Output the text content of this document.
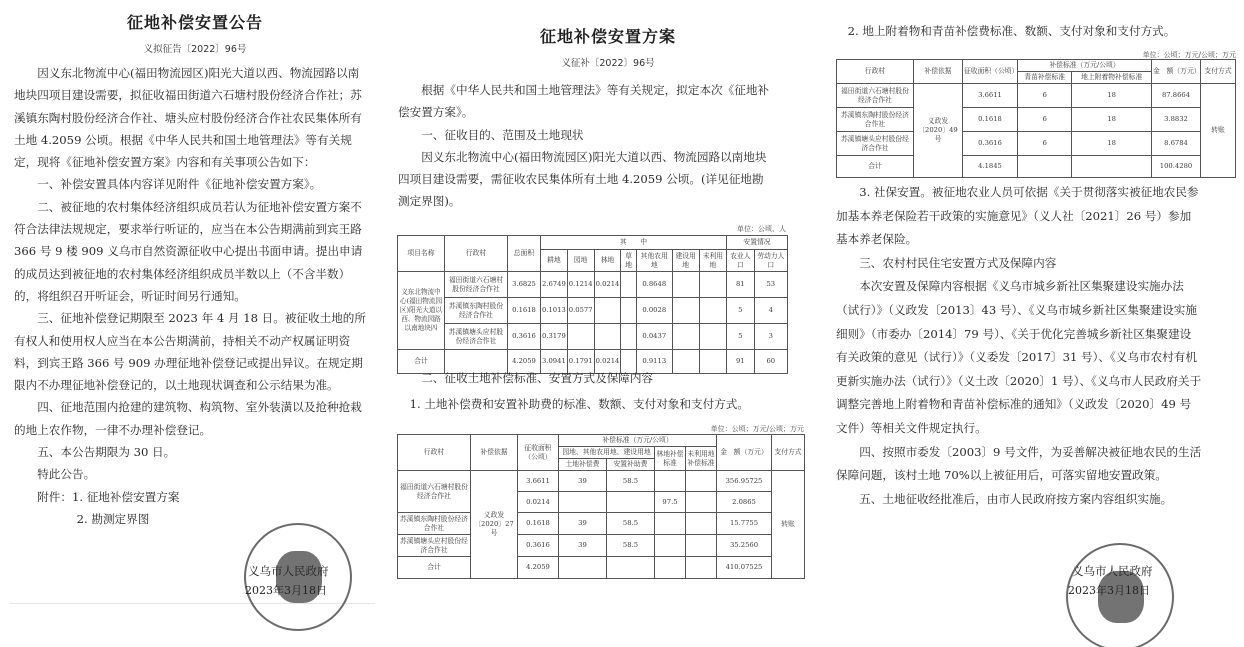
征地补偿安置公告
义拟征告〔2022〕96号

因义东北物流中心(福田物流园区)阳光大道以西、物流园路以南地块四项目建设需要，拟征收福田街道六石塘村股份经济合作社；苏溪镇东陶村股份经济合作社、塘头应村股份经济合作社农民集体所有土地 4.2059 公顷。根据《中华人民共和国土地管理法》等有关规定，现将《征地补偿安置方案》内容和有关事项公告如下：

一、补偿安置具体内容详见附件《征地补偿安置方案》。

二、被征地的农村集体经济组织成员若认为征地补偿安置方案不符合法律法规规定，要求举行听证的，应当在本公告期满前到宾王路 366 号 9 楼 909 义乌市自然资源征收中心提出书面申请。提出申请的成员达到被征地的农村集体经济组织成员半数以上（不含半数）的，将组织召开听证会，听证时间另行通知。

三、征地补偿登记期限至 2023 年 4 月 18 日。被征收土地的所有权人和使用权人应当在本公告期满前，持相关不动产权属证明资料，到宾王路 366 号 909 办理征地补偿登记或提出异议。在规定期限内不办理征地补偿登记的，以土地现状调查和公示结果为准。

四、征地范围内抢建的建筑物、构筑物、室外装潢以及抢种抢栽的地上农作物，一律不办理补偿登记。

五、本公告期限为 30 日。

特此公告。

附件：1. 征地补偿安置方案

2. 勘测定界图

义乌市人民政府
2023年3月18日
征地补偿安置方案
义征补〔2022〕96号

根据《中华人民共和国土地管理法》等有关规定，拟定本次《征地补偿安置方案》。

一、征收目的、范围及土地现状

因义东北物流中心(福田物流园区)阳光大道以西、物流园路以南地块四项目建设需要，需征收农民集体所有土地 4.2059 公顷。(详见征地勘测定界图)。

单位：公顷、人
项目名称	行政村	总面积	其　　中							安置情况	
			耕地	园地	林地	草地	其他农用地	建设用地	未利用地	农业人口	劳动力人口
义东北物流中心(福田物流园区)阳光大道以西、物流园路以南地块四	福田街道六石塘村股份经济合作社	3.6825	2.6749	0.1214	0.0214		0.8648			81	53
	苏溪镇东陶村股份经济合作社	0.1618	0.1013	0.0577			0.0028			5	4
	苏溪镇塘头应村股份经济合作社	0.3616	0.3179				0.0437			5	3
合计		4.2059	3.0941	0.1791	0.0214		0.9113			91	60

二、征收土地补偿标准、安置方式及保障内容

1. 土地补偿费和安置补助费的标准、数额、支付对象和支付方式。

单位：公顷；万元/公顷；万元
行政村	补偿依据	征收面积（公顷）	补偿标准（万元/公顷）				金　额（万元）	支付方式
			园地、其他农用地、建设用地		林地补偿标准	未利用地补偿标准		
			土地补偿费	安置补助费				
福田街道六石塘村股份经济合作社	义政发〔2020〕27号	3.6611	39	58.5			356.95725	转账
		0.0214			97.5		2.0865	
苏溪镇东陶村股份经济合作社		0.1618	39	58.5			15.7755	
苏溪镇塘头应村股份经济合作社		0.3616	39	58.5			35.2560	
合计		4.2059					410.07525	

2. 地上附着物和青苗补偿费标准、数额、支付对象和支付方式。

单位：公顷；万元/公顷；万元
行政村	补偿依据	征收面积（公顷）	补偿标准（万元/公顷）		金　额（万元）	支付方式
			青苗补偿标准	地上附着物补偿标准		
福田街道六石塘村股份经济合作社	义政发〔2020〕49号	3.6611	6	18	87.8664	转账
苏溪镇东陶村股份经济合作社		0.1618	6	18	3.8832	
苏溪镇塘头应村股份经济合作社		0.3616	6	18	8.6784	
合计		4.1845			100.4280	

3. 社保安置。被征地农业人员可依据《关于贯彻落实被征地农民参加基本养老保险若干政策的实施意见》（义人社〔2021〕26 号）参加基本养老保险。

三、农村村民住宅安置方式及保障内容

本次安置及保障内容根据《义乌市城乡新社区集聚建设实施办法（试行）》（义政发〔2013〕43 号）、《义乌市城乡新社区集聚建设实施细则》（市委办〔2014〕79 号）、《关于优化完善城乡新社区集聚建设有关政策的意见（试行）》（义委发〔2017〕31 号）、《义乌市农村有机更新实施办法（试行）》（义土改〔2020〕1 号）、《义乌市人民政府关于调整完善地上附着物和青苗补偿标准的通知》（义政发〔2020〕49 号文件）等相关文件规定执行。

四、按照市委发〔2003〕9 号文件，为妥善解决被征地农民的生活保障问题，该村土地 70%以上被征用后，可落实留地安置政策。

五、土地征收经批准后，由市人民政府按方案内容组织实施。

义乌市人民政府
2023年3月18日
